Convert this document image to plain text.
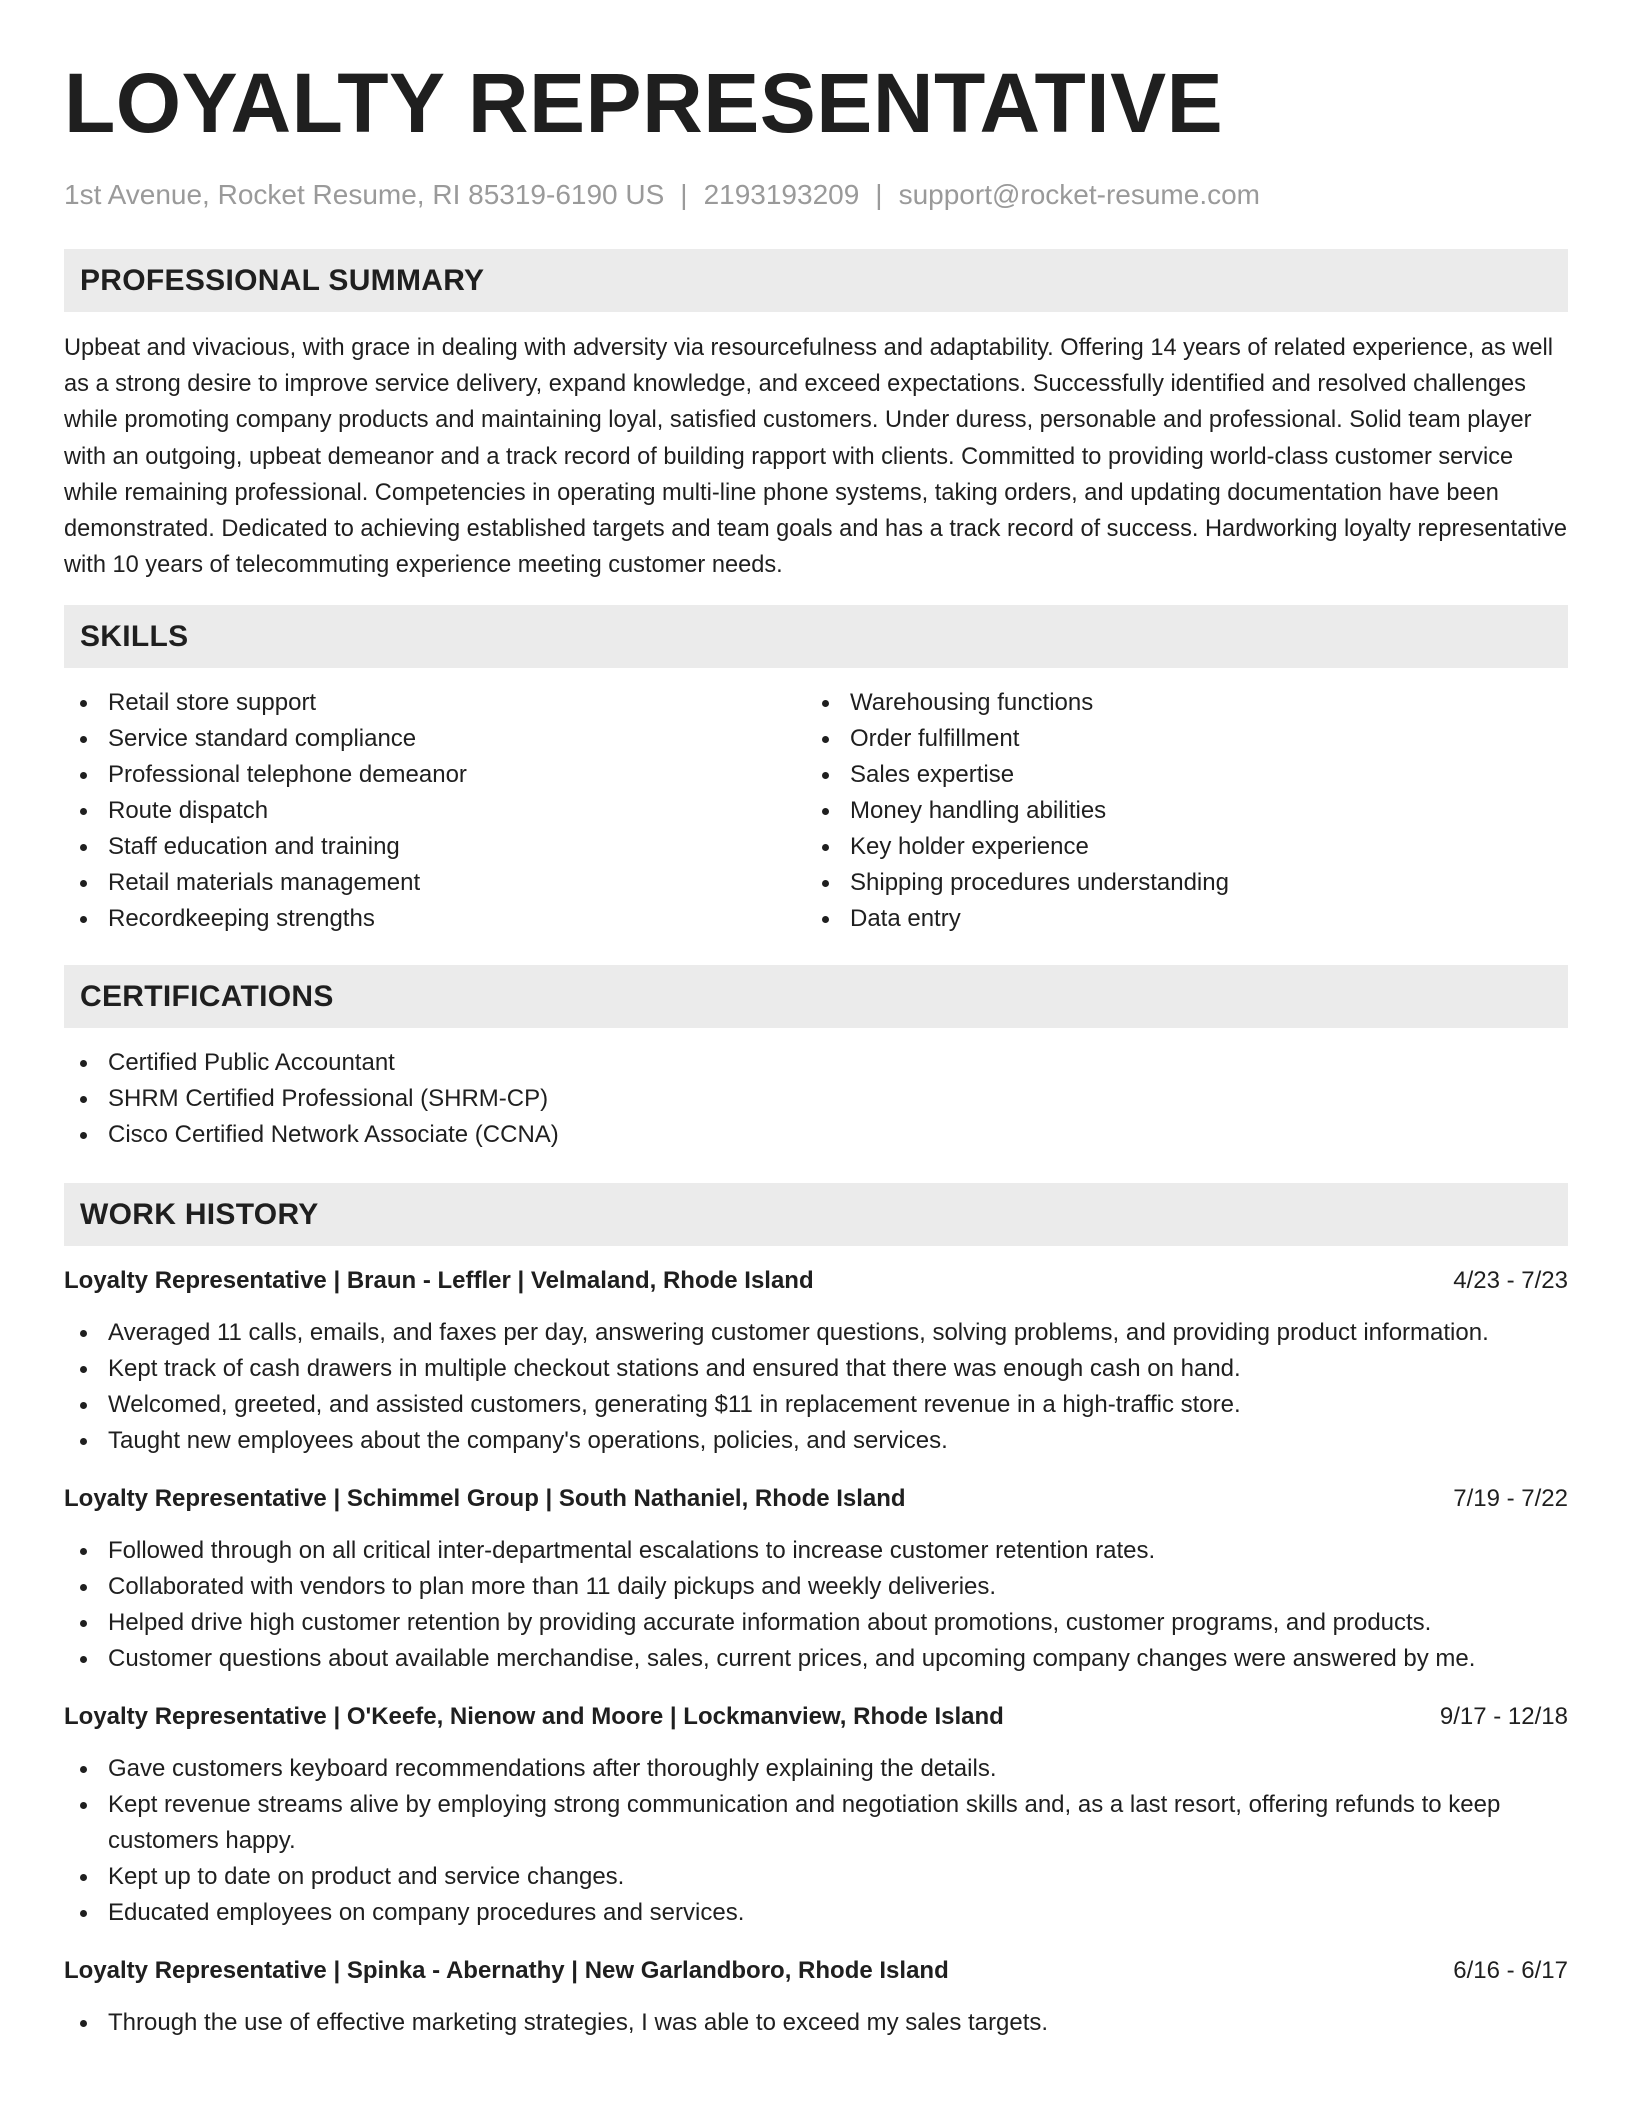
LOYALTY REPRESENTATIVE
1st Avenue, Rocket Resume, RI 85319-6190 US | 2193193209 | support@rocket-resume.com
PROFESSIONAL SUMMARY

Upbeat and vivacious, with grace in dealing with adversity via resourcefulness and adaptability. Offering 14 years of related experience, as well as a strong desire to improve service delivery, expand knowledge, and exceed expectations. Successfully identified and resolved challenges while promoting company products and maintaining loyal, satisfied customers. Under duress, personable and professional. Solid team player with an outgoing, upbeat demeanor and a track record of building rapport with clients. Committed to providing world-class customer service while remaining professional. Competencies in operating multi-line phone systems, taking orders, and updating documentation have been demonstrated. Dedicated to achieving established targets and team goals and has a track record of success. Hardworking loyalty representative with 10 years of telecommuting experience meeting customer needs.

SKILLS
Retail store support
Service standard compliance
Professional telephone demeanor
Route dispatch
Staff education and training
Retail materials management
Recordkeeping strengths
Warehousing functions
Order fulfillment
Sales expertise
Money handling abilities
Key holder experience
Shipping procedures understanding
Data entry
CERTIFICATIONS
Certified Public Accountant
SHRM Certified Professional (SHRM-CP)
Cisco Certified Network Associate (CCNA)
WORK HISTORY
Loyalty Representative | Braun - Leffler | Velmaland, Rhode Island	4/23 - 7/23
Averaged 11 calls, emails, and faxes per day, answering customer questions, solving problems, and providing product information.
Kept track of cash drawers in multiple checkout stations and ensured that there was enough cash on hand.
Welcomed, greeted, and assisted customers, generating $11 in replacement revenue in a high-traffic store.
Taught new employees about the company's operations, policies, and services.
Loyalty Representative | Schimmel Group | South Nathaniel, Rhode Island	7/19 - 7/22
Followed through on all critical inter-departmental escalations to increase customer retention rates.
Collaborated with vendors to plan more than 11 daily pickups and weekly deliveries.
Helped drive high customer retention by providing accurate information about promotions, customer programs, and products.
Customer questions about available merchandise, sales, current prices, and upcoming company changes were answered by me.
Loyalty Representative | O'Keefe, Nienow and Moore | Lockmanview, Rhode Island	9/17 - 12/18
Gave customers keyboard recommendations after thoroughly explaining the details.
Kept revenue streams alive by employing strong communication and negotiation skills and, as a last resort, offering refunds to keep customers happy.
Kept up to date on product and service changes.
Educated employees on company procedures and services.
Loyalty Representative | Spinka - Abernathy | New Garlandboro, Rhode Island	6/16 - 6/17
Through the use of effective marketing strategies, I was able to exceed my sales targets.
